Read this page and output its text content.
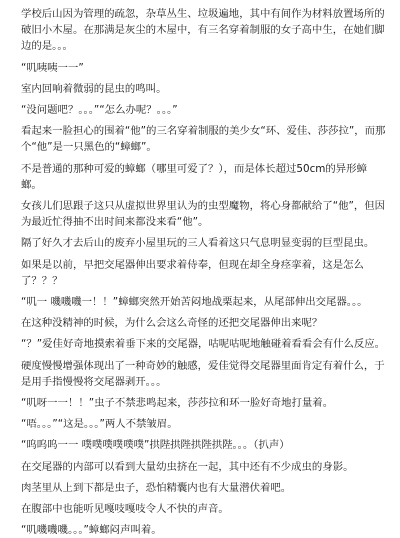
学校后山因为管理的疏忽，杂草丛生、垃圾遍地，其中有间作为材料放置场所的破旧小木屋。在那满是灰尘的木屋中，有三名穿着制服的女子高中生，在她们脚边的是。。。

“叽咦咦一一”

室内回响着微弱的昆虫的鸣叫。

“没问题吧？。。。”“怎么办呢？。。。”

看起来一脸担心的围着“他”的三名穿着制服的美少女“环、爱佳、莎莎拉”，而那个“他”是一只黑色的“蟑螂”。

不是普通的那种可爱的蟑螂（哪里可爱了？），而是体长超过50cm的异形蟑螂。

女孩儿们思跟子这只从虚拟世界里认为的虫型魔物，将心身都献给了“他”，但因为最近忙得抽不出时间来都没来看“他”。

隔了好久才去后山的废弃小屋里玩的三人看着这只气息明显变弱的巨型昆虫。

如果是以前，早把交尾器伸出要求着侍奉，但现在却全身痉挛着，这是怎么了？？？

“叽一 嘰嘰嘰一！！”蟑螂突然开始苦闷地战栗起来，从尾部伸出交尾器。。。

在这种没精神的时候，为什么会这么奇怪的还把交尾器伸出来呢？

“？”爱佳好奇地摸索着垂下来的交尾器，咕呢咕呢地触碰着看看会有什么反应。

硬度慢慢增强体现出了一种奇妙的触感，爱佳觉得交尾器里面肯定有着什么，于是用手指慢慢将交尾器剥开。。。

“叽呀一一！！”虫子不禁悲鸣起来，莎莎拉和环一脸好奇地打量着。

“唔。。。”“这是。。。”两人不禁皱眉。

“呜呜呜一一 噗噗噗噗噗噗”拱陛拱陛拱陛拱陛。。。（扒声）

在交尾器的内部可以看到大量幼虫挤在一起，其中还有不少成虫的身影。

肉茎里从上到下都是虫子，恐怕精囊内也有大量潜伏着吧。

在腹部中也能听见嘎吱嘎吱令人不快的声音。

“叽嘰嘰嘰。。。”蟑螂闷声叫着。
